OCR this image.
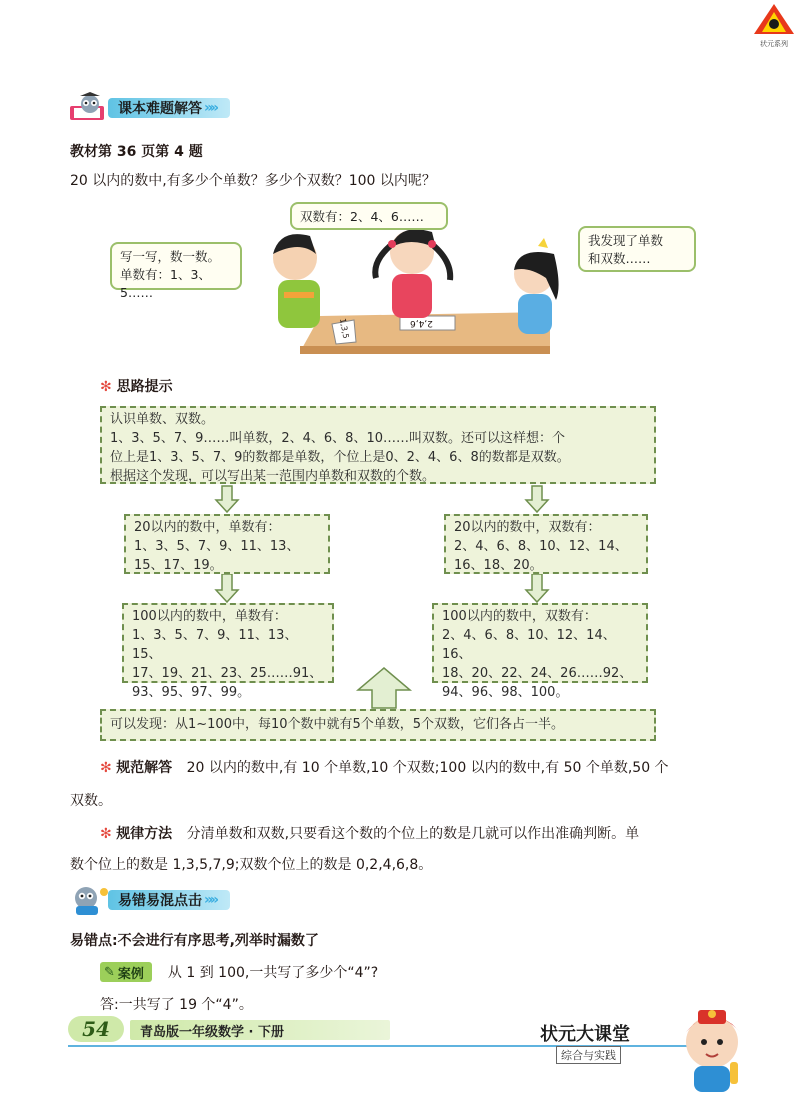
状元系列
课本难题解答 »»
教材第 36 页第 4 题
20 以内的数中,有多少个单数？多少个双数？100 以内呢？
1,3,5	2,4,6
写一写，数一数。
单数有：1、3、5……
双数有：2、4、6……
我发现了单数
和双数……
✻ 思路提示
认识单数、双数。
1、3、5、7、9……叫单数，2、4、6、8、10……叫双数。还可以这样想：个
位上是1、3、5、7、9的数都是单数，个位上是0、2、4、6、8的数都是双数。
根据这个发现，可以写出某一范围内单数和双数的个数。
20以内的数中，单数有：
1、3、5、7、9、11、13、
15、17、19。
20以内的数中，双数有：
2、4、6、8、10、12、14、
16、18、20。
100以内的数中，单数有：
1、3、5、7、9、11、13、15、
17、19、21、23、25……91、
93、95、97、99。
100以内的数中，双数有：
2、4、6、8、10、12、14、16、
18、20、22、24、26……92、
94、96、98、100。
可以发现：从1~100中，每10个数中就有5个单数，5个双数，它们各占一半。
✻ 规范解答 20 以内的数中,有 10 个单数,10 个双数;100 以内的数中,有 50 个单数,50 个
双数。
✻ 规律方法 分清单数和双数,只要看这个数的个位上的数是几就可以作出准确判断。单
数个位上的数是 1,3,5,7,9;双数个位上的数是 0,2,4,6,8。
易错易混点击 »»
易错点:不会进行有序思考,列举时漏数了
✎ 案例 从 1 到 100,一共写了多少个“4”?
答:一共写了 19 个“4”。
54 青岛版一年级数学 · 下册	状元大课堂
综合与实践
